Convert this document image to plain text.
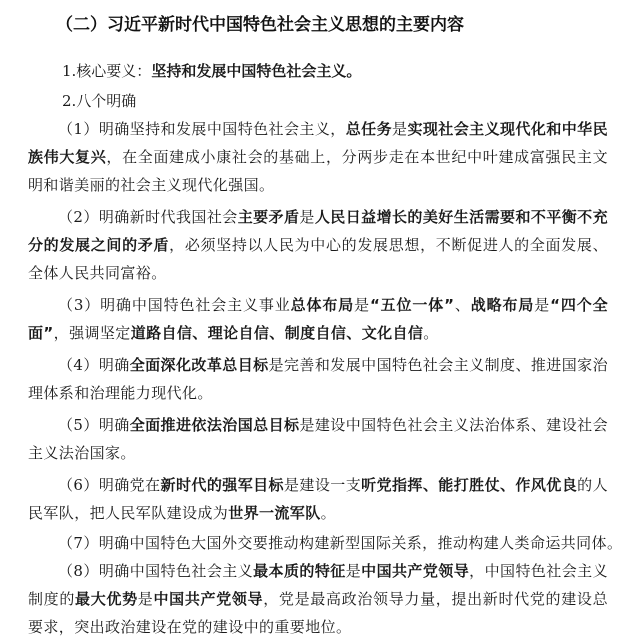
（二）习近平新时代中国特色社会主义思想的主要内容
1.核心要义：坚持和发展中国特色社会主义。
2.八个明确
（1）明确坚持和发展中国特色社会主义，总任务是实现社会主义现代化和中华民族伟大复兴，在全面建成小康社会的基础上，分两步走在本世纪中叶建成富强民主文明和谐美丽的社会主义现代化强国。
（2）明确新时代我国社会主要矛盾是人民日益增长的美好生活需要和不平衡不充分的发展之间的矛盾，必须坚持以人民为中心的发展思想，不断促进人的全面发展、全体人民共同富裕。
（3）明确中国特色社会主义事业总体布局是“五位一体”、战略布局是“四个全面”，强调坚定道路自信、理论自信、制度自信、文化自信。
（4）明确全面深化改革总目标是完善和发展中国特色社会主义制度、推进国家治理体系和治理能力现代化。
（5）明确全面推进依法治国总目标是建设中国特色社会主义法治体系、建设社会主义法治国家。
（6）明确党在新时代的强军目标是建设一支听党指挥、能打胜仗、作风优良的人民军队，把人民军队建设成为世界一流军队。
（7）明确中国特色大国外交要推动构建新型国际关系，推动构建人类命运共同体。
（8）明确中国特色社会主义最本质的特征是中国共产党领导，中国特色社会主义制度的最大优势是中国共产党领导，党是最高政治领导力量，提出新时代党的建设总要求，突出政治建设在党的建设中的重要地位。
